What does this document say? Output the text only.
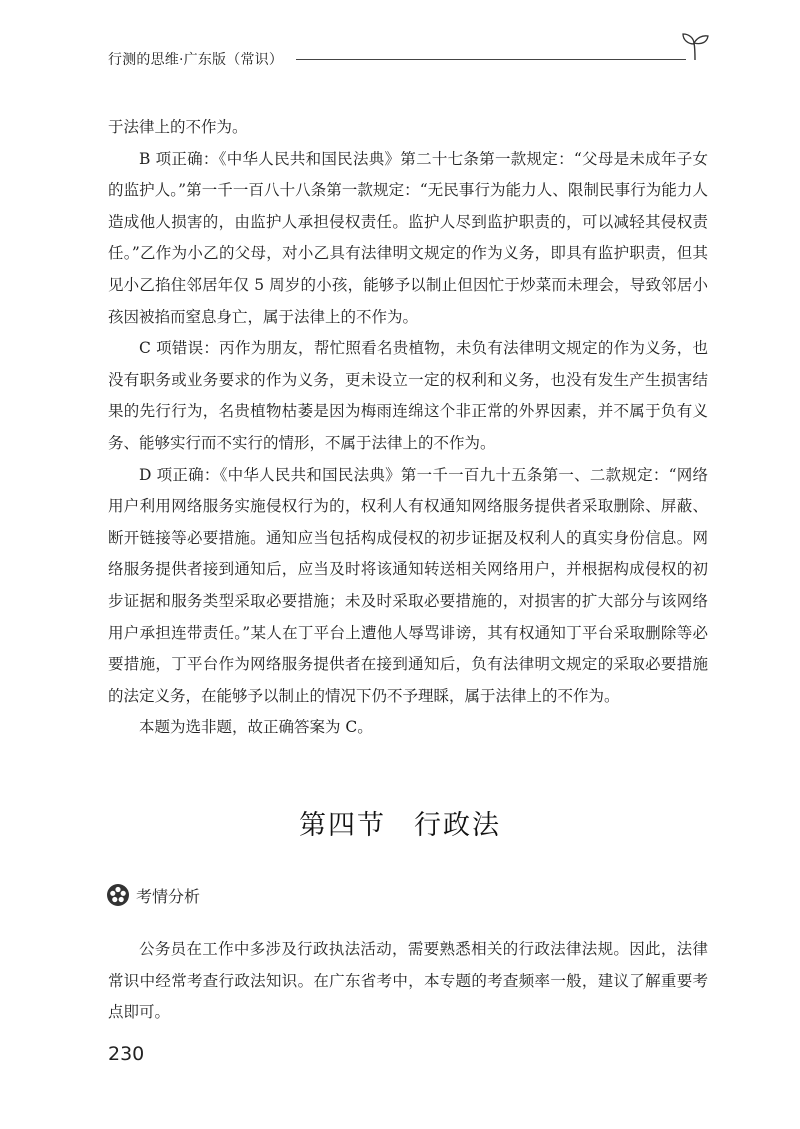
行测的思维·广东版（常识）

于法律上的不作为。

B 项正确：《中华人民共和国民法典》第二十七条第一款规定：“父母是未成年子女的监护人。”第一千一百八十八条第一款规定：“无民事行为能力人、限制民事行为能力人造成他人损害的，由监护人承担侵权责任。监护人尽到监护职责的，可以减轻其侵权责任。”乙作为小乙的父母，对小乙具有法律明文规定的作为义务，即具有监护职责，但其见小乙掐住邻居年仅 5 周岁的小孩，能够予以制止但因忙于炒菜而未理会，导致邻居小孩因被掐而窒息身亡，属于法律上的不作为。

C 项错误：丙作为朋友，帮忙照看名贵植物，未负有法律明文规定的作为义务，也没有职务或业务要求的作为义务，更未设立一定的权利和义务，也没有发生产生损害结果的先行行为，名贵植物枯萎是因为梅雨连绵这个非正常的外界因素，并不属于负有义务、能够实行而不实行的情形，不属于法律上的不作为。

D 项正确：《中华人民共和国民法典》第一千一百九十五条第一、二款规定：“网络用户利用网络服务实施侵权行为的，权利人有权通知网络服务提供者采取删除、屏蔽、断开链接等必要措施。通知应当包括构成侵权的初步证据及权利人的真实身份信息。网络服务提供者接到通知后，应当及时将该通知转送相关网络用户，并根据构成侵权的初步证据和服务类型采取必要措施；未及时采取必要措施的，对损害的扩大部分与该网络用户承担连带责任。”某人在丁平台上遭他人辱骂诽谤，其有权通知丁平台采取删除等必要措施，丁平台作为网络服务提供者在接到通知后，负有法律明文规定的采取必要措施的法定义务，在能够予以制止的情况下仍不予理睬，属于法律上的不作为。

本题为选非题，故正确答案为 C。

第四节 行政法
考情分析

公务员在工作中多涉及行政执法活动，需要熟悉相关的行政法律法规。因此，法律常识中经常考查行政法知识。在广东省考中，本专题的考查频率一般，建议了解重要考点即可。

230
